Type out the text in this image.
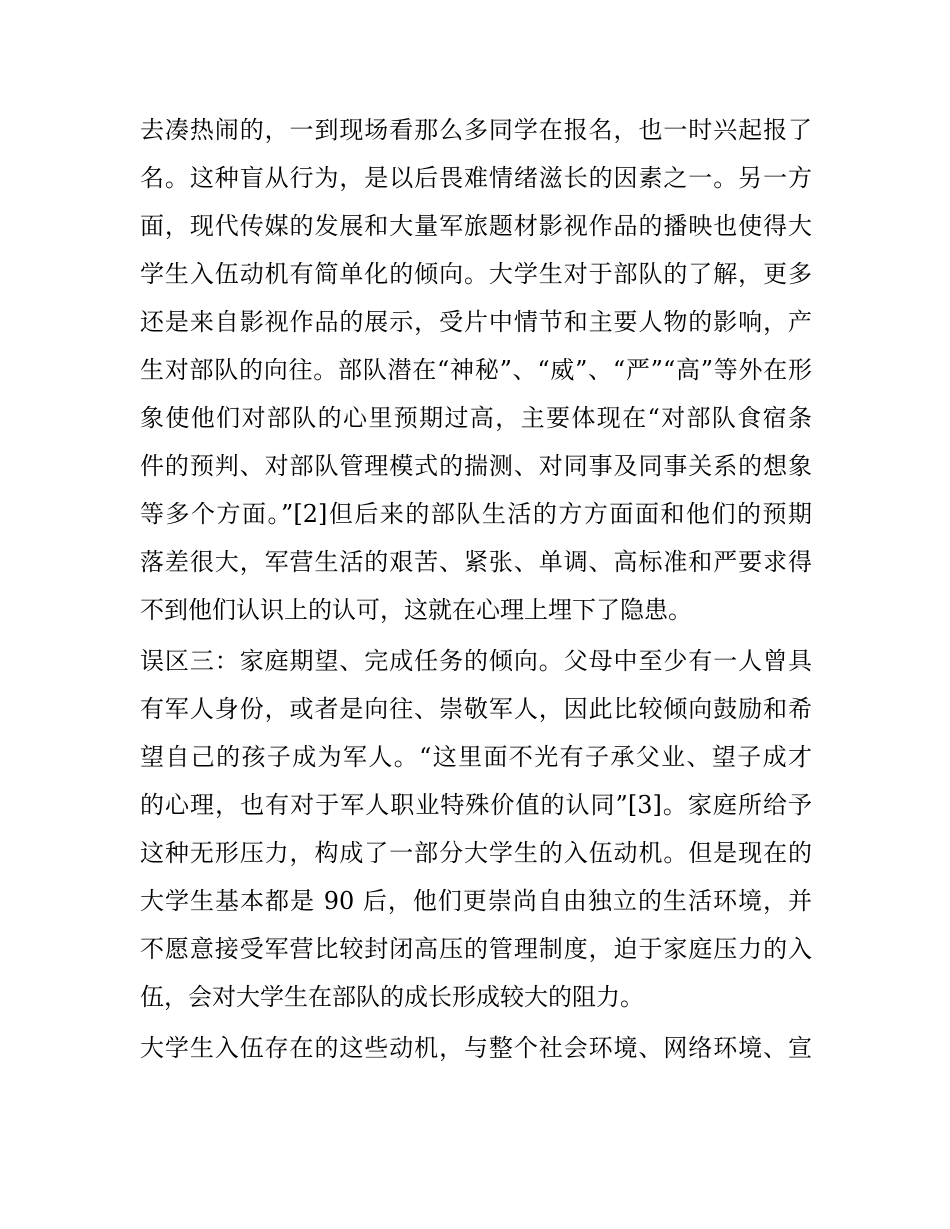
去凑热闹的，一到现场看那么多同学在报名，也一时兴起报了
名。这种盲从行为，是以后畏难情绪滋长的因素之一。另一方
面，现代传媒的发展和大量军旅题材影视作品的播映也使得大
学生入伍动机有简单化的倾向。大学生对于部队的了解，更多
还是来自影视作品的展示，受片中情节和主要人物的影响，产
生对部队的向往。部队潜在“神秘”、“威”、“严”“高”等外在形
象使他们对部队的心里预期过高，主要体现在“对部队食宿条
件的预判、对部队管理模式的揣测、对同事及同事关系的想象
等多个方面。”[2]但后来的部队生活的方方面面和他们的预期
落差很大，军营生活的艰苦、紧张、单调、高标准和严要求得
不到他们认识上的认可，这就在心理上埋下了隐患。
误区三：家庭期望、完成任务的倾向。父母中至少有一人曾具
有军人身份，或者是向往、崇敬军人，因此比较倾向鼓励和希
望自己的孩子成为军人。“这里面不光有子承父业、望子成才
的心理，也有对于军人职业特殊价值的认同”[3]。家庭所给予
这种无形压力，构成了一部分大学生的入伍动机。但是现在的
大学生基本都是 90 后，他们更崇尚自由独立的生活环境，并
不愿意接受军营比较封闭高压的管理制度，迫于家庭压力的入
伍，会对大学生在部队的成长形成较大的阻力。
大学生入伍存在的这些动机，与整个社会环境、网络环境、宣
